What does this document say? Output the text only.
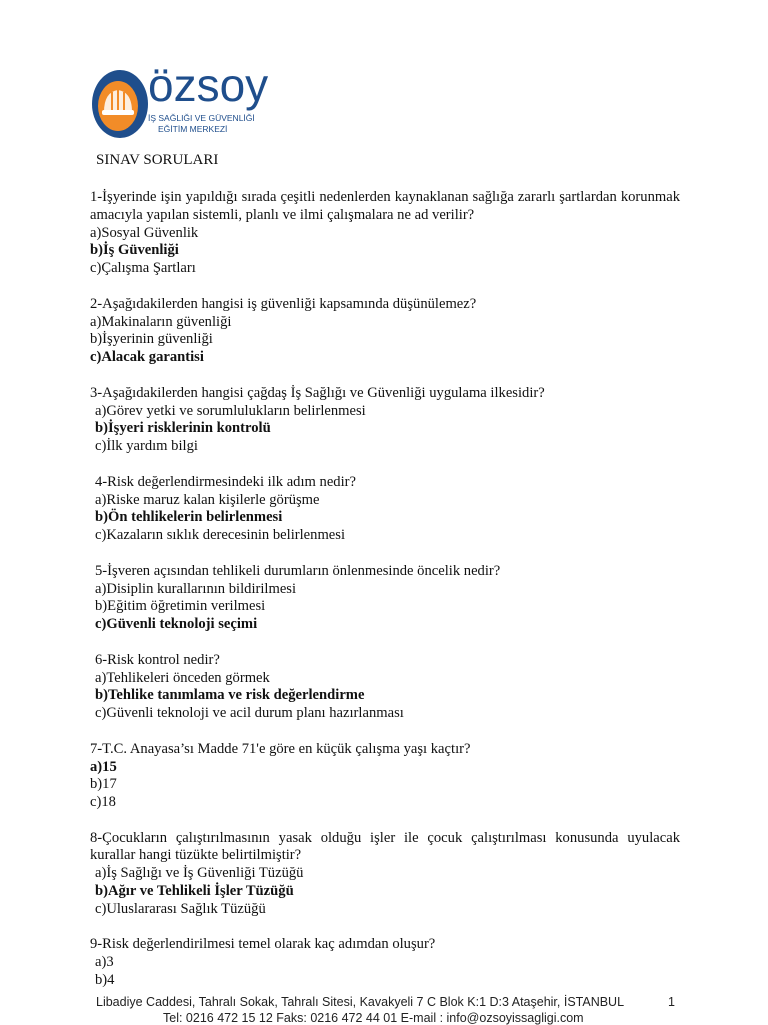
özsoy
İŞ SAĞLIĞI VE GÜVENLİĞİ
EĞİTİM MERKEZİ
SINAV SORULARI
1-İşyerinde işin yapıldığı sırada çeşitli nedenlerden kaynaklanan sağlığa zararlı şartlardan korunmak amacıyla yapılan sistemli, planlı ve ilmi çalışmalara ne ad verilir?
a)Sosyal Güvenlik
b)İş Güvenliği
c)Çalışma Şartları
2-Aşağıdakilerden hangisi iş güvenliği kapsamında düşünülemez?
a)Makinaların güvenliği
b)İşyerinin güvenliği
c)Alacak garantisi
3-Aşağıdakilerden hangisi çağdaş İş Sağlığı ve Güvenliği uygulama ilkesidir?
a)Görev yetki ve sorumlulukların belirlenmesi
b)İşyeri risklerinin kontrolü
c)İlk yardım bilgi
4-Risk değerlendirmesindeki ilk adım nedir?
a)Riske maruz kalan kişilerle görüşme
b)Ön tehlikelerin belirlenmesi
c)Kazaların sıklık derecesinin belirlenmesi
5-İşveren açısından tehlikeli durumların önlenmesinde öncelik nedir?
a)Disiplin kurallarının bildirilmesi
b)Eğitim öğretimin verilmesi
c)Güvenli teknoloji seçimi
6-Risk kontrol nedir?
a)Tehlikeleri önceden görmek
b)Tehlike tanımlama ve risk değerlendirme
c)Güvenli teknoloji ve acil durum planı hazırlanması
7-T.C. Anayasa’sı Madde 71'e göre en küçük çalışma yaşı kaçtır?
a)15
b)17
c)18
8-Çocukların çalıştırılmasının yasak olduğu işler ile çocuk çalıştırılması konusunda uyulacak kurallar hangi tüzükte belirtilmiştir?
a)İş Sağlığı ve İş Güvenliği Tüzüğü
b)Ağır ve Tehlikeli İşler Tüzüğü
c)Uluslararası Sağlık Tüzüğü
9-Risk değerlendirilmesi temel olarak kaç adımdan oluşur?
a)3
b)4
Libadiye Caddesi, Tahralı Sokak, Tahralı Sitesi, Kavakyeli 7 C Blok K:1 D:3 Ataşehir, İSTANBUL	1
Tel: 0216 472 15 12 Faks: 0216 472 44 01 E-mail : info@ozsoyissagligi.com
